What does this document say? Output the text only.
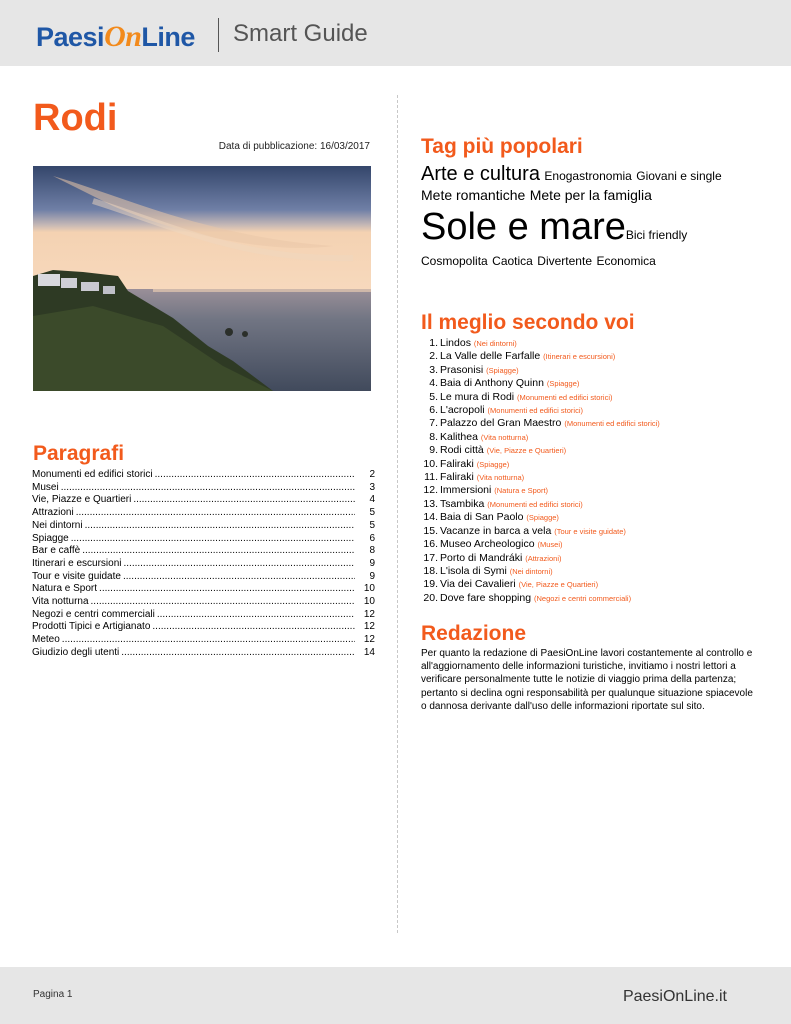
PaesiOnLine Smart Guide
Rodi
Data di pubblicazione: 16/03/2017
Paragrafi
Monumenti ed edifici storici .....	2
Musei .....	3
Vie, Piazze e Quartieri .....	4
Attrazioni .....	5
Nei dintorni .....	5
Spiagge .....	6
Bar e caffè .....	8
Itinerari e escursioni .....	9
Tour e visite guidate .....	9
Natura e Sport .....	10
Vita notturna .....	10
Negozi e centri commerciali .....	12
Prodotti Tipici e Artigianato .....	12
Meteo .....	12
Giudizio degli utenti .....	14
Tag più popolari
Arte e cultura Enogastronomia Giovani e single Mete romantiche Mete per la famiglia
Sole e mareBici friendly
Cosmopolita Caotica Divertente Economica
Il meglio secondo voi
1. Lindos (Nei dintorni)
2. La Valle delle Farfalle (Itinerari e escursioni)
3. Prasonisi (Spiagge)
4. Baia di Anthony Quinn (Spiagge)
5. Le mura di Rodi (Monumenti ed edifici storici)
6. L'acropoli (Monumenti ed edifici storici)
7. Palazzo del Gran Maestro (Monumenti ed edifici storici)
8. Kalithea (Vita notturna)
9. Rodi città (Vie, Piazze e Quartieri)
10. Faliraki (Spiagge)
11. Faliraki (Vita notturna)
12. Immersioni (Natura e Sport)
13. Tsambika (Monumenti ed edifici storici)
14. Baia di San Paolo (Spiagge)
15. Vacanze in barca a vela (Tour e visite guidate)
16. Museo Archeologico (Musei)
17. Porto di Mandráki (Attrazioni)
18. L'isola di Symi (Nei dintorni)
19. Via dei Cavalieri (Vie, Piazze e Quartieri)
20. Dove fare shopping (Negozi e centri commerciali)
Redazione
Per quanto la redazione di PaesiOnLine lavori costantemente al controllo e all'aggiornamento delle informazioni turistiche, invitiamo i nostri lettori a verificare personalmente tutte le notizie di viaggio prima della partenza; pertanto si declina ogni responsabilità per qualunque situazione spiacevole o dannosa derivante dall'uso delle informazioni riportate sul sito.
Pagina 1	PaesiOnLine.it
